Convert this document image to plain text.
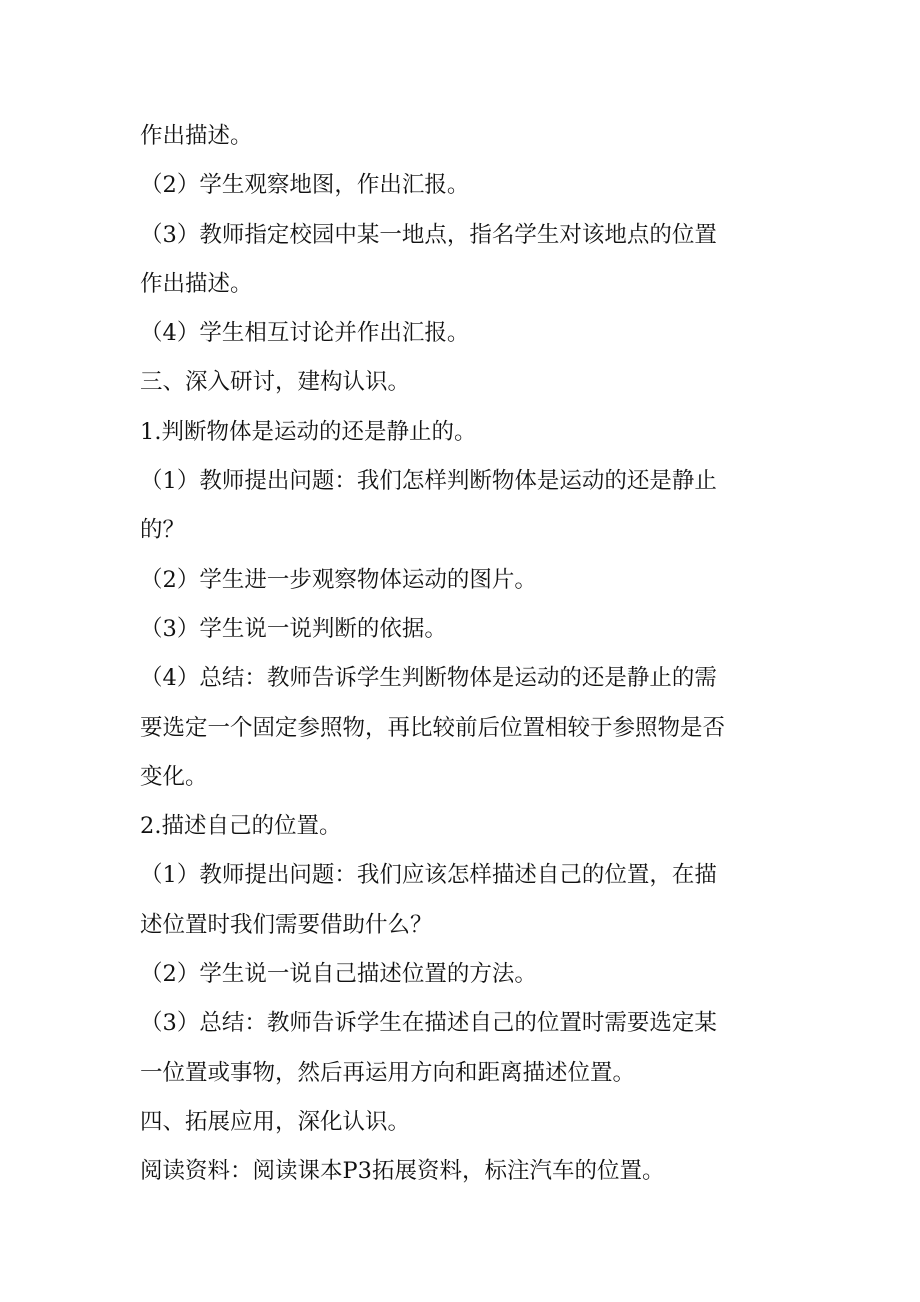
作出描述。

（2）学生观察地图，作出汇报。

（3）教师指定校园中某一地点，指名学生对该地点的位置

作出描述。

（4）学生相互讨论并作出汇报。

三、深入研讨，建构认识。

1.判断物体是运动的还是静止的。

（1）教师提出问题：我们怎样判断物体是运动的还是静止

的？

（2）学生进一步观察物体运动的图片。

（3）学生说一说判断的依据。

（4）总结：教师告诉学生判断物体是运动的还是静止的需

要选定一个固定参照物，再比较前后位置相较于参照物是否

变化。

2.描述自己的位置。

（1）教师提出问题：我们应该怎样描述自己的位置，在描

述位置时我们需要借助什么？

（2）学生说一说自己描述位置的方法。

（3）总结：教师告诉学生在描述自己的位置时需要选定某

一位置或事物，然后再运用方向和距离描述位置。

四、拓展应用，深化认识。

阅读资料：阅读课本P3拓展资料，标注汽车的位置。
